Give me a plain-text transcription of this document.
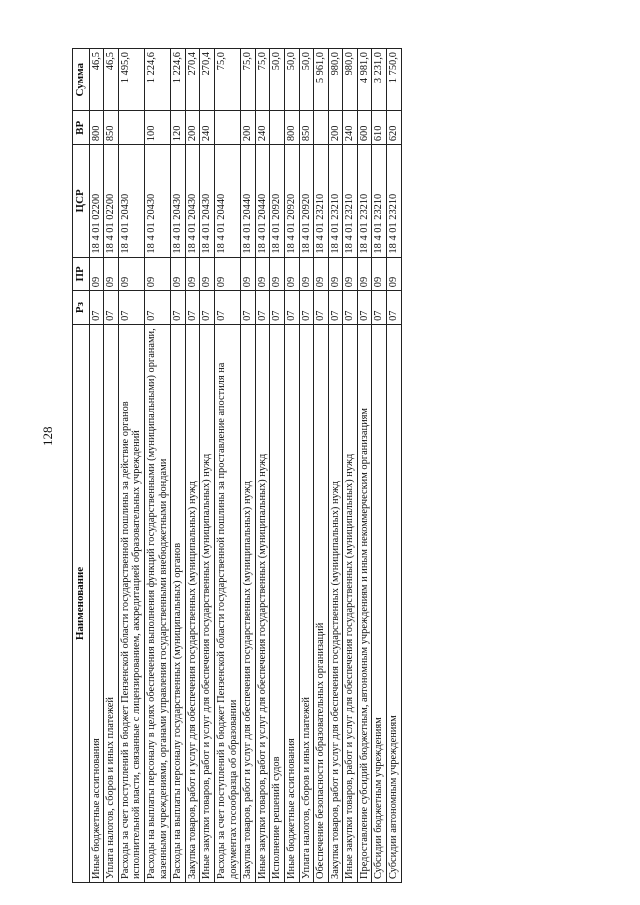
128
Наименование	Рз	ПР	ЦСР	ВР	Сумма
Иные бюджетные ассигнования	07	09	18 4 01 02200	800	46,5
Уплата налогов, сборов и иных платежей	07	09	18 4 01 02200	850	46,5
Расходы за счет поступлений в бюджет Пензенской области государственной пошлины за действие органов исполнительной власти, связанные с лицензированием, аккредитацией образовательных учреждений	07	09	18 4 01 20430		1 495,0
Расходы на выплаты персоналу в целях обеспечения выполнения функций государственными (муниципальными) органами, казенными учреждениями, органами управления государственными внебюджетными фондами	07	09	18 4 01 20430	100	1 224,6
Расходы на выплаты персоналу государственных (муниципальных) органов	07	09	18 4 01 20430	120	1 224,6
Закупка товаров, работ и услуг для обеспечения государственных (муниципальных) нужд	07	09	18 4 01 20430	200	270,4
Иные закупки товаров, работ и услуг для обеспечения государственных (муниципальных) нужд	07	09	18 4 01 20430	240	270,4
Расходы за счет поступлений в бюджет Пензенской области государственной пошлины за проставление апостиля на документах госообразца об образовании	07	09	18 4 01 20440		75,0
Закупка товаров, работ и услуг для обеспечения государственных (муниципальных) нужд	07	09	18 4 01 20440	200	75,0
Иные закупки товаров, работ и услуг для обеспечения государственных (муниципальных) нужд	07	09	18 4 01 20440	240	75,0
Исполнение решений судов	07	09	18 4 01 20920		50,0
Иные бюджетные ассигнования	07	09	18 4 01 20920	800	50,0
Уплата налогов, сборов и иных платежей	07	09	18 4 01 20920	850	50,0
Обеспечение безопасности образовательных организаций	07	09	18 4 01 23210		5 961,0
Закупка товаров, работ и услуг для обеспечения государственных (муниципальных) нужд	07	09	18 4 01 23210	200	980,0
Иные закупки товаров, работ и услуг для обеспечения государственных (муниципальных) нужд	07	09	18 4 01 23210	240	980,0
Предоставление субсидий бюджетным, автономным учреждениям и иным некоммерческим организациям	07	09	18 4 01 23210	600	4 981,0
Субсидии бюджетным учреждениям	07	09	18 4 01 23210	610	3 231,0
Субсидии автономным учреждениям	07	09	18 4 01 23210	620	1 750,0
